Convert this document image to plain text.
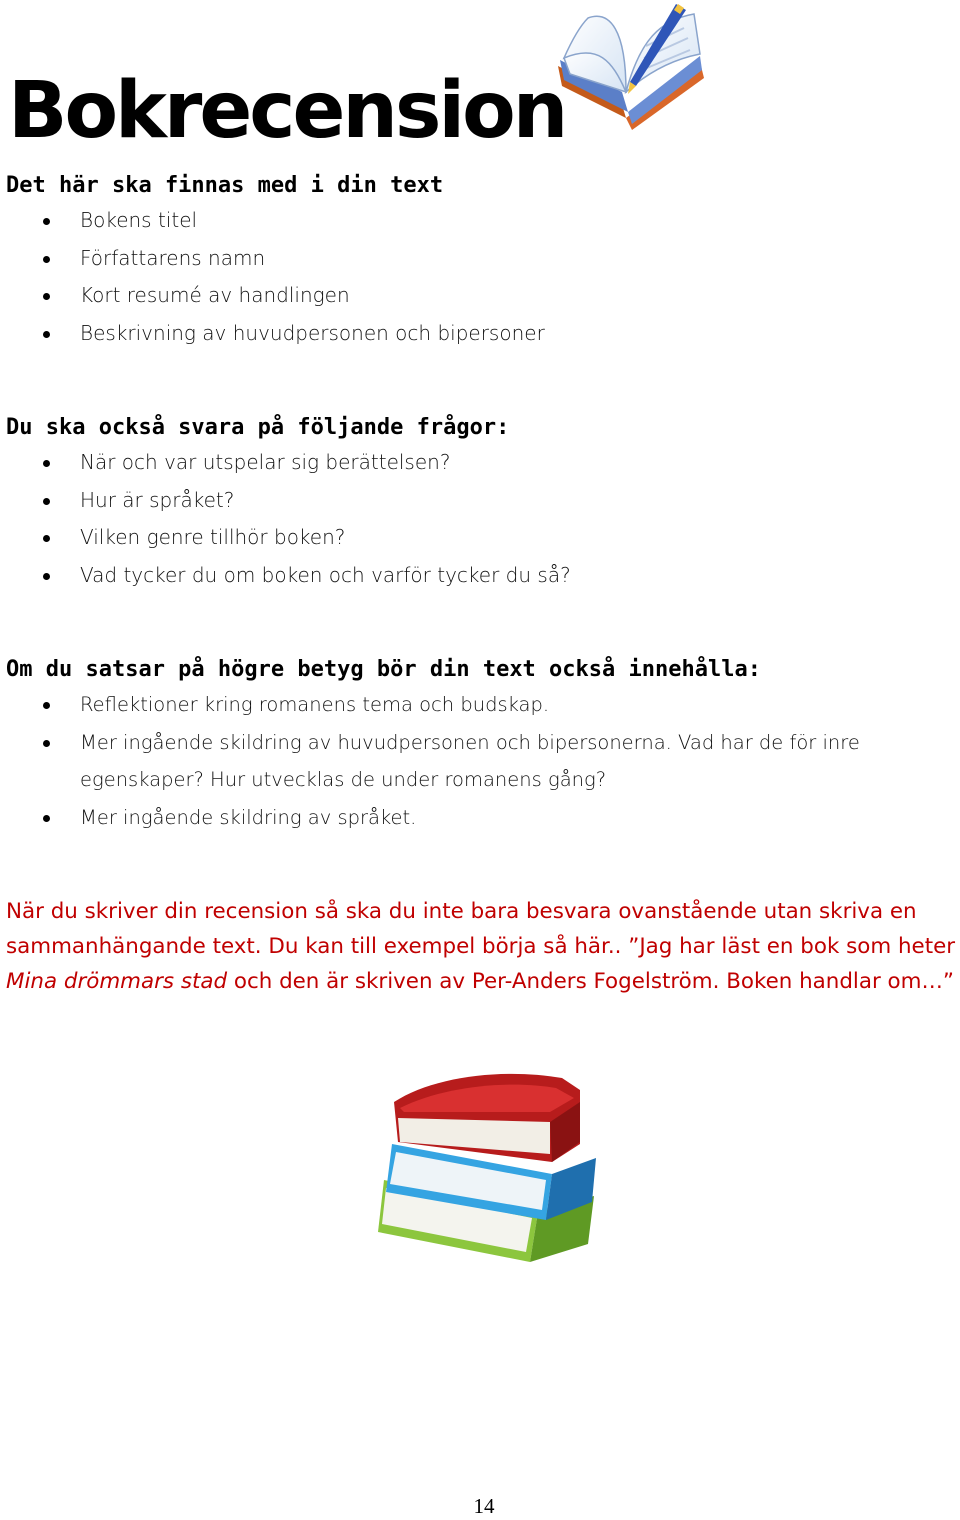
Bokrecension
Det här ska finnas med i din text
Bokens titel
Författarens namn
Kort resumé av handlingen
Beskrivning av huvudpersonen och bipersoner
Du ska också svara på följande frågor:
När och var utspelar sig berättelsen?
Hur är språket?
Vilken genre tillhör boken?
Vad tycker du om boken och varför tycker du så?
Om du satsar på högre betyg bör din text också innehålla:
Reflektioner kring romanens tema och budskap.
Mer ingående skildring av huvudpersonen och bipersonerna. Vad har de för inre egenskaper? Hur utvecklas de under romanens gång?
Mer ingående skildring av språket.

När du skriver din recension så ska du inte bara besvara ovanstående utan skriva en sammanhängande text. Du kan till exempel börja så här.. ”Jag har läst en bok som heter Mina drömmars stad och den är skriven av Per-Anders Fogelström. Boken handlar om…”

14
